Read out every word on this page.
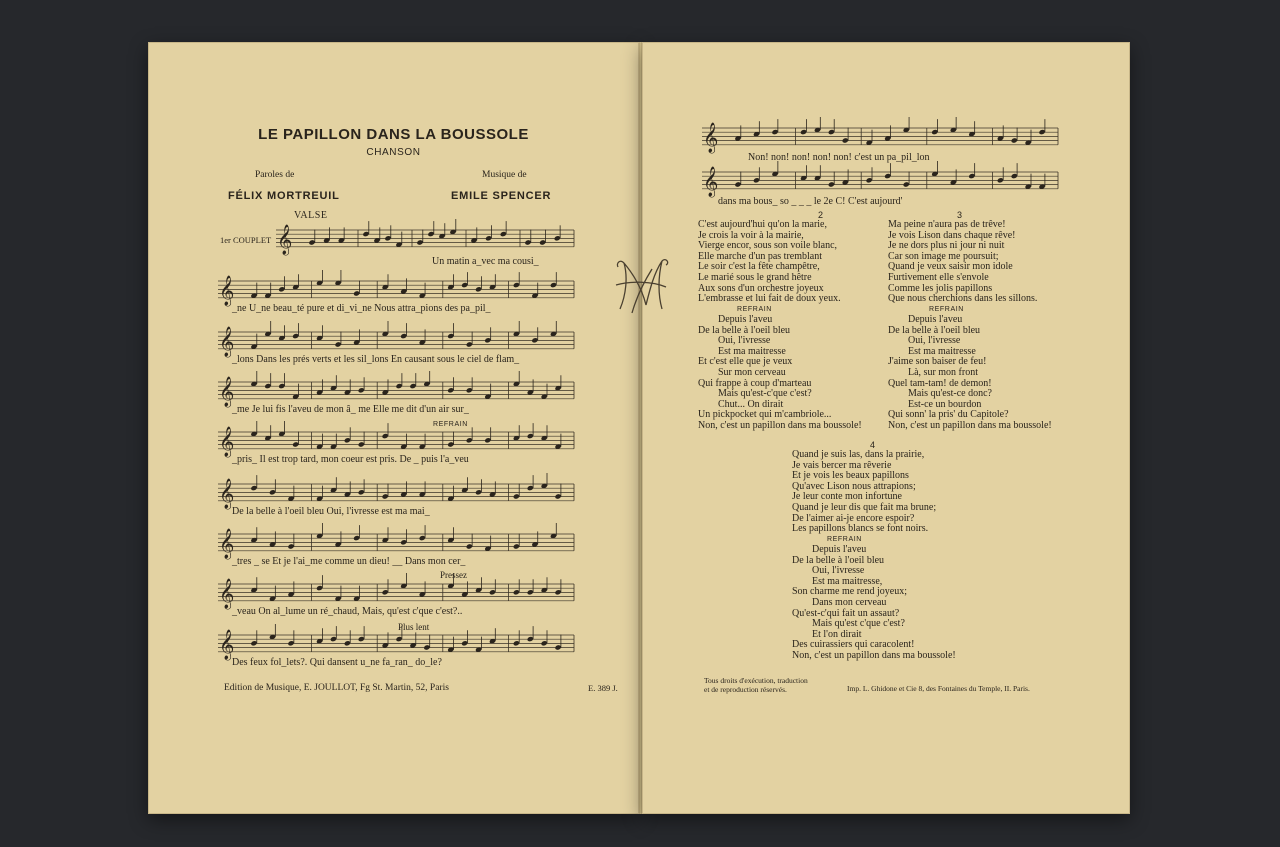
LE PAPILLON DANS LA BOUSSOLE
CHANSON
Paroles de	Musique de
FÉLIX MORTREUIL	EMILE SPENCER
VALSE
1er COUPLET
REFRAIN
Pressez
Plus lent
Edition de Musique, E. JOULLOT, Fg St. Martin, 52, Paris	E. 389 J.
2	3
C'est aujourd'hui qu'on la marie,
Je crois la voir à la mairie,
Vierge encor, sous son voile blanc,
Elle marche d'un pas tremblant
Le soir c'est la fête champêtre,
Le marié sous le grand hêtre
Aux sons d'un orchestre joyeux
L'embrasse et lui fait de doux yeux.
Ma peine n'aura pas de trêve!
Je vois Lison dans chaque rêve!
Je ne dors plus ni jour ni nuit
Car son image me poursuit;
Quand je veux saisir mon idole
Furtivement elle s'envole
Comme les jolis papillons
Que nous cherchions dans les sillons.
REFRAIN	REFRAIN
Depuis l'aveu
De la belle à l'oeil bleu
Oui, l'ivresse
Est ma maitresse
Et c'est elle que je veux
Sur mon cerveau
Qui frappe à coup d'marteau
Mais qu'est-c'que c'est?
Chut... On dirait
Un pickpocket qui m'cambriole...
Non, c'est un papillon dans ma boussole!
Depuis l'aveu
De la belle à l'oeil bleu
Oui, l'ivresse
Est ma maitresse
J'aime son baiser de feu!
Là, sur mon front
Quel tam-tam! de demon!
Mais qu'est-ce donc?
Est-ce un bourdon
Qui sonn' la pris' du Capitole?
Non, c'est un papillon dans ma boussole!
4
Quand je suis las, dans la prairie,
Je vais bercer ma rêverie
Et je vois les beaux papillons
Qu'avec Lison nous attrapions;
Je leur conte mon infortune
Quand je leur dis que fait ma brune;
De l'aimer ai-je encore espoir?
Les papillons blancs se font noirs.
REFRAIN
Depuis l'aveu
De la belle à l'oeil bleu
Oui, l'ivresse
Est ma maitresse,
Son charme me rend joyeux;
Dans mon cerveau
Qu'est-c'qui fait un assaut?
Mais qu'est c'que c'est?
Et l'on dirait
Des cuirassiers qui caracolent!
Non, c'est un papillon dans ma boussole!
Tous droits d'exécution, traduction
et de reproduction réservés.	Imp. L. Ghidone et Cie 8, des Fontaines du Temple, II. Paris.
𝄞
𝄞
𝄞
𝄞
𝄞
𝄞
𝄞
𝄞
𝄞
𝄞
𝄞
Un matin a_vec ma cousi_
_ne U_ne beau_té pure et di_vi_ne Nous attra_pions des pa_pil_
_lons Dans les prés verts et les sil_lons En causant sous le ciel de flam_
_me Je lui fis l'aveu de mon â_ me Elle me dit d'un air sur_
_pris_ Il est trop tard, mon coeur est pris. De _ puis l'a_veu
De la belle à l'oeil bleu Oui, l'ivresse est ma mai_
_tres _ se Et je l'ai_me comme un dieu! __ Dans mon cer_
_veau On al_lume un ré_chaud, Mais, qu'est c'que c'est?..
Des feux fol_lets?. Qui dansent u_ne fa_ran_ do_le?
Non! non! non! non! non! c'est un pa_pil_lon
dans ma bous_ so _ _ _ le 2e C! C'est aujourd'
